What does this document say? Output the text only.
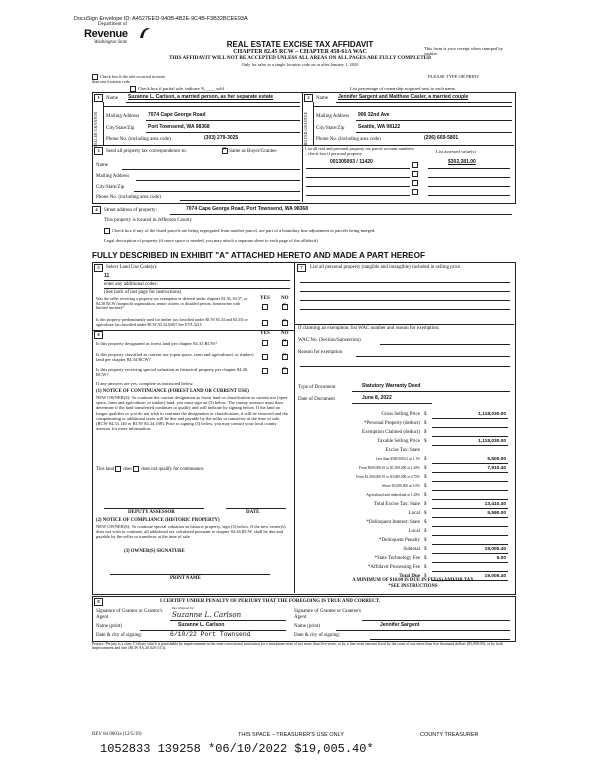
DocuSign Envelope ID: A4527EED-940B-4B2E-9C4B-F3B32BCEE93A
Department of
Revenue
Washington State	REAL ESTATE EXCISE TAX AFFIDAVIT
CHAPTER 82.45 RCW – CHAPTER 458-61A WAC
THIS AFFIDAVIT WILL NOT BE ACCEPTED UNLESS ALL AREAS ON ALL PAGES ARE FULLY COMPLETED
Only for sales in a single location code on or after January 1, 2020
This form is your receipt when stamped by cashier.
PLEASE TYPE OR PRINT
Check box if the sale occurred in more than one location code
Check box if partial sale, indicate % ____ sold	List percentage of ownership acquired next to each name.
1
SELLER GRANTOR
Name Suzanne L. Carlson, a married person, as her separate estate
Mailing Address 7074 Cape George Road
City/State/Zip	Port Townsend, WA 98368
Phone No. (including area code)	(303) 279-3025
2
BUYER GRANTEE
Name Jennifer Sargent and Matthew Casler, a married couple
Mailing Address 906 32nd Ave
City/State/Zip	Seattle, WA 98122
Phone No. (including area code)	(206) 669-5801
3	Send all property tax correspondence to:
✕	Same as Buyer/Grantee
Name
Mailing Address
City/State/Zip
Phone No. (including area code)
List all real and personal property tax parcel account numbers – check box if personal property	List assessed value(s)
001305003 / 11420	$302,381.00
4	Street address of property:	7074 Cape George Road, Port Townsend, WA 98368
This property is located in Jefferson County
Check box if any of the listed parcels are being segregated from another parcel, are part of a boundary line adjustment or parcels being merged.
Legal description of property (if more space is needed, you may attach a separate sheet to each page of the affidavit)
FULLY DESCRIBED IN EXHIBIT "A" ATTACHED HERETO AND MADE A PART HEREOF
5	Select Land Use Code(s):
11
enter any additional codes:
(See back of last page for instructions)
YES NO
Was the seller receiving a property tax exemption or deferral under chapters 84.36, 84.37, or 84.38 RCW (nonprofit organization, senior citizen, or disabled person, homeowner with limited income)?
✕
Is this property predominantly used for timber (as classified under RCW 84.34 and 84.33) or agriculture (as classified under RCW 84.34.020)? See ETA 3215
✕
6	YES NO
Is this property designated as forest land per chapter 84.33 RCW?
✕
Is this property classified as current use (open space, farm and agricultural, or timber) land per chapter 84.34 RCW?
✕
Is this property receiving special valuation as historical property per chapter 84.26 RCW?
✕
If any answers are yes, complete as instructed below.
(1) NOTICE OF CONTINUANCE (FOREST LAND OR CURRENT USE)
NEW OWNER(S): To continue the current designation as forest land or classification as current use (open space, farm and agriculture, or timber) land, you must sign on (3) below. The county assessor must then determine if the land transferred continues to qualify and will indicate by signing below. If the land no longer qualifies or you do not wish to continue the designation or classification, it will be removed and the compensating or additional taxes will be due and payable by the seller or transferor at the time of sale. (RCW 84.33.140 or RCW 84.34.108). Prior to signing (3) below, you may contact your local county assessor for more information.
This land does does not qualify for continuance.
DEPUTY ASSESSOR	DATE
(2) NOTICE OF COMPLIANCE (HISTORIC PROPERTY)
NEW OWNER(S): To continue special valuation as historic property, sign (3) below. If the new owner(s) does not wish to continue, all additional tax calculated pursuant to chapter 84.26 RCW, shall be due and payable by the seller or transferor at the time of sale.
(3) OWNER(S) SIGNATURE
PRINT NAME
7	List all personal property (tangible and intangible) included in selling price.
If claiming an exemption, list WAC number and reason for exemption:
WAC No. (Section/Subsection)
Reason for exemption
Type of Document	Statutory Warranty Deed
Date of Document	June 8, 2022
Gross Selling Price $	1,118,030.00
*Personal Property (deduct) $
Exemption Claimed (deduct) $
Taxable Selling Price $	1,118,030.00
Excise Tax: State
Less than $500,000.01 at 1.1% $	5,500.00
From $500,000.01 to $1,500,000 at 1.28% $	7,910.40
From $1,500,000.01 to $3,000,000 at 2.75% $
Above $3,000,000 at 3.0% $
Agricultural and timberland at 1.28% $
Total Excise Tax: State $	13,410.40
Local $	5,590.00
*Delinquent Interest: State $
Local $
*Delinquent Penalty $
Subtotal $	19,000.40
*State Technology Fee $	5.00
*Affidavit Processing Fee $
Total Due $	19,005.40
A MINIMUM OF $10.00 IS DUE IN FEE(S) AND/OR TAX
*SEE INSTRUCTIONS
8	I CERTIFY UNDER PENALTY OF PERJURY THAT THE FOREGOING IS TRUE AND CORRECT.
Signature of Grantor or Grantor's Agent
DocuSigned by:
Suzanne L. Carlson	Signature of Grantee or Grantee's Agent
Name (print)	Suzanne L. Carlson	Name (print)	Jennifer Sargent
Date & city of signing:	6/10/22 Port Townsend	Date & city of signing:
Perjury: Perjury is a class C felony which is punishable by imprisonment in the state correctional institution for a maximum term of not more than five years, or by a fine in an amount fixed by the court of not more than five thousand dollars ($5,000.00), or by both imprisonment and fine (RCW 9A.20.020 (1C)).
REV 84 0001a (12/5/19)	THIS SPACE – TREASURER'S USE ONLY	COUNTY TREASURER
1052833 139258 *06/10/2022 $19,005.40*
